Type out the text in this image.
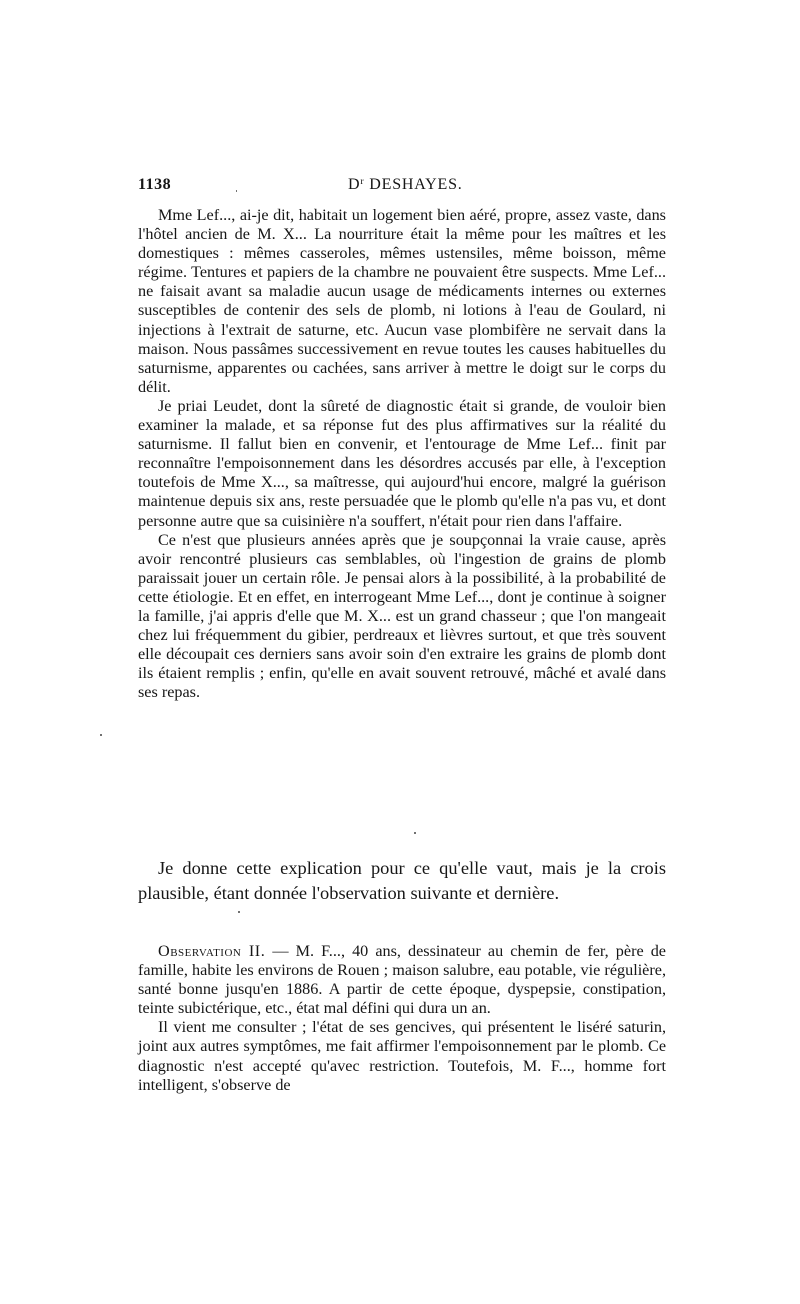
1138	$D^r$ DESHAYES.

Mme Lef..., ai-je dit, habitait un logement bien aéré, propre, assez vaste, dans l'hôtel ancien de M. X... La nourriture était la même pour les maîtres et les domestiques : mêmes casseroles, mêmes ustensiles, même boisson, même régime. Tentures et papiers de la chambre ne pouvaient être suspects. Mme Lef... ne faisait avant sa maladie aucun usage de médicaments internes ou externes susceptibles de contenir des sels de plomb, ni lotions à l'eau de Goulard, ni injections à l'extrait de saturne, etc. Aucun vase plombifère ne servait dans la maison. Nous passâmes successivement en revue toutes les causes habituelles du saturnisme, apparentes ou cachées, sans arriver à mettre le doigt sur le corps du délit.

Je priai Leudet, dont la sûreté de diagnostic était si grande, de vouloir bien examiner la malade, et sa réponse fut des plus affirmatives sur la réalité du saturnisme. Il fallut bien en convenir, et l'entourage de Mme Lef... finit par reconnaître l'empoisonnement dans les désordres accusés par elle, à l'exception toutefois de Mme X..., sa maîtresse, qui aujourd'hui encore, malgré la guérison maintenue depuis six ans, reste persuadée que le plomb qu'elle n'a pas vu, et dont personne autre que sa cuisinière n'a souffert, n'était pour rien dans l'affaire.

Ce n'est que plusieurs années après que je soupçonnai la vraie cause, après avoir rencontré plusieurs cas semblables, où l'ingestion de grains de plomb paraissait jouer un certain rôle. Je pensai alors à la possibilité, à la probabilité de cette étiologie. Et en effet, en interrogeant Mme Lef..., dont je continue à soigner la famille, j'ai appris d'elle que M. X... est un grand chasseur ; que l'on mangeait chez lui fréquemment du gibier, perdreaux et lièvres surtout, et que très souvent elle découpait ces derniers sans avoir soin d'en extraire les grains de plomb dont ils étaient remplis ; enfin, qu'elle en avait souvent retrouvé, mâché et avalé dans ses repas.

Je donne cette explication pour ce qu'elle vaut, mais je la crois plausible, étant donnée l'observation suivante et dernière.

Observation II. — M. F..., 40 ans, dessinateur au chemin de fer, père de famille, habite les environs de Rouen ; maison salubre, eau potable, vie régulière, santé bonne jusqu'en 1886. A partir de cette époque, dyspepsie, constipation, teinte subictérique, etc., état mal défini qui dura un an.

Il vient me consulter ; l'état de ses gencives, qui présentent le liséré saturin, joint aux autres symptômes, me fait affirmer l'empoisonnement par le plomb. Ce diagnostic n'est accepté qu'avec restriction. Toutefois, M. F..., homme fort intelligent, s'observe de
